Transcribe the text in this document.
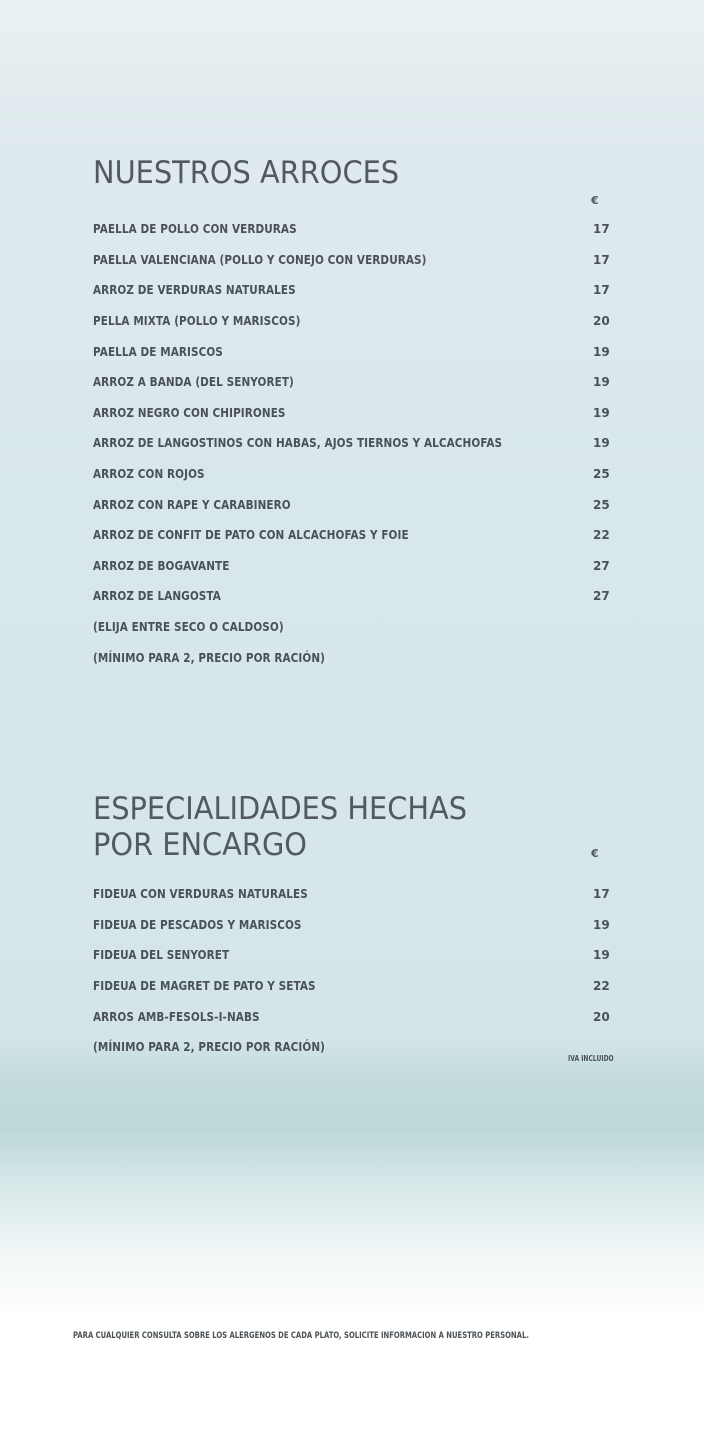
NUESTROS ARROCES
€
PAELLA DE POLLO CON VERDURAS	17
PAELLA VALENCIANA (POLLO Y CONEJO CON VERDURAS)	17
ARROZ DE VERDURAS NATURALES	17
PELLA MIXTA (POLLO Y MARISCOS)	20
PAELLA DE MARISCOS	19
ARROZ A BANDA (DEL SENYORET)	19
ARROZ NEGRO CON CHIPIRONES	19
ARROZ DE LANGOSTINOS CON HABAS, AJOS TIERNOS Y ALCACHOFAS	19
ARROZ CON ROJOS	25
ARROZ CON RAPE Y CARABINERO	25
ARROZ DE CONFIT DE PATO CON ALCACHOFAS Y FOIE	22
ARROZ DE BOGAVANTE	27
ARROZ DE LANGOSTA	27
(ELIJA ENTRE SECO O CALDOSO)
(MÍNIMO PARA 2, PRECIO POR RACIÓN)
ESPECIALIDADES HECHAS
POR ENCARGO	€
FIDEUA CON VERDURAS NATURALES	17
FIDEUA DE PESCADOS Y MARISCOS	19
FIDEUA DEL SENYORET	19
FIDEUA DE MAGRET DE PATO Y SETAS	22
ARROS AMB-FESOLS-I-NABS	20
(MÍNIMO PARA 2, PRECIO POR RACIÓN)
IVA INCLUIDO
PARA CUALQUIER CONSULTA SOBRE LOS ALERGENOS DE CADA PLATO, SOLICITE INFORMACION A NUESTRO PERSONAL.
